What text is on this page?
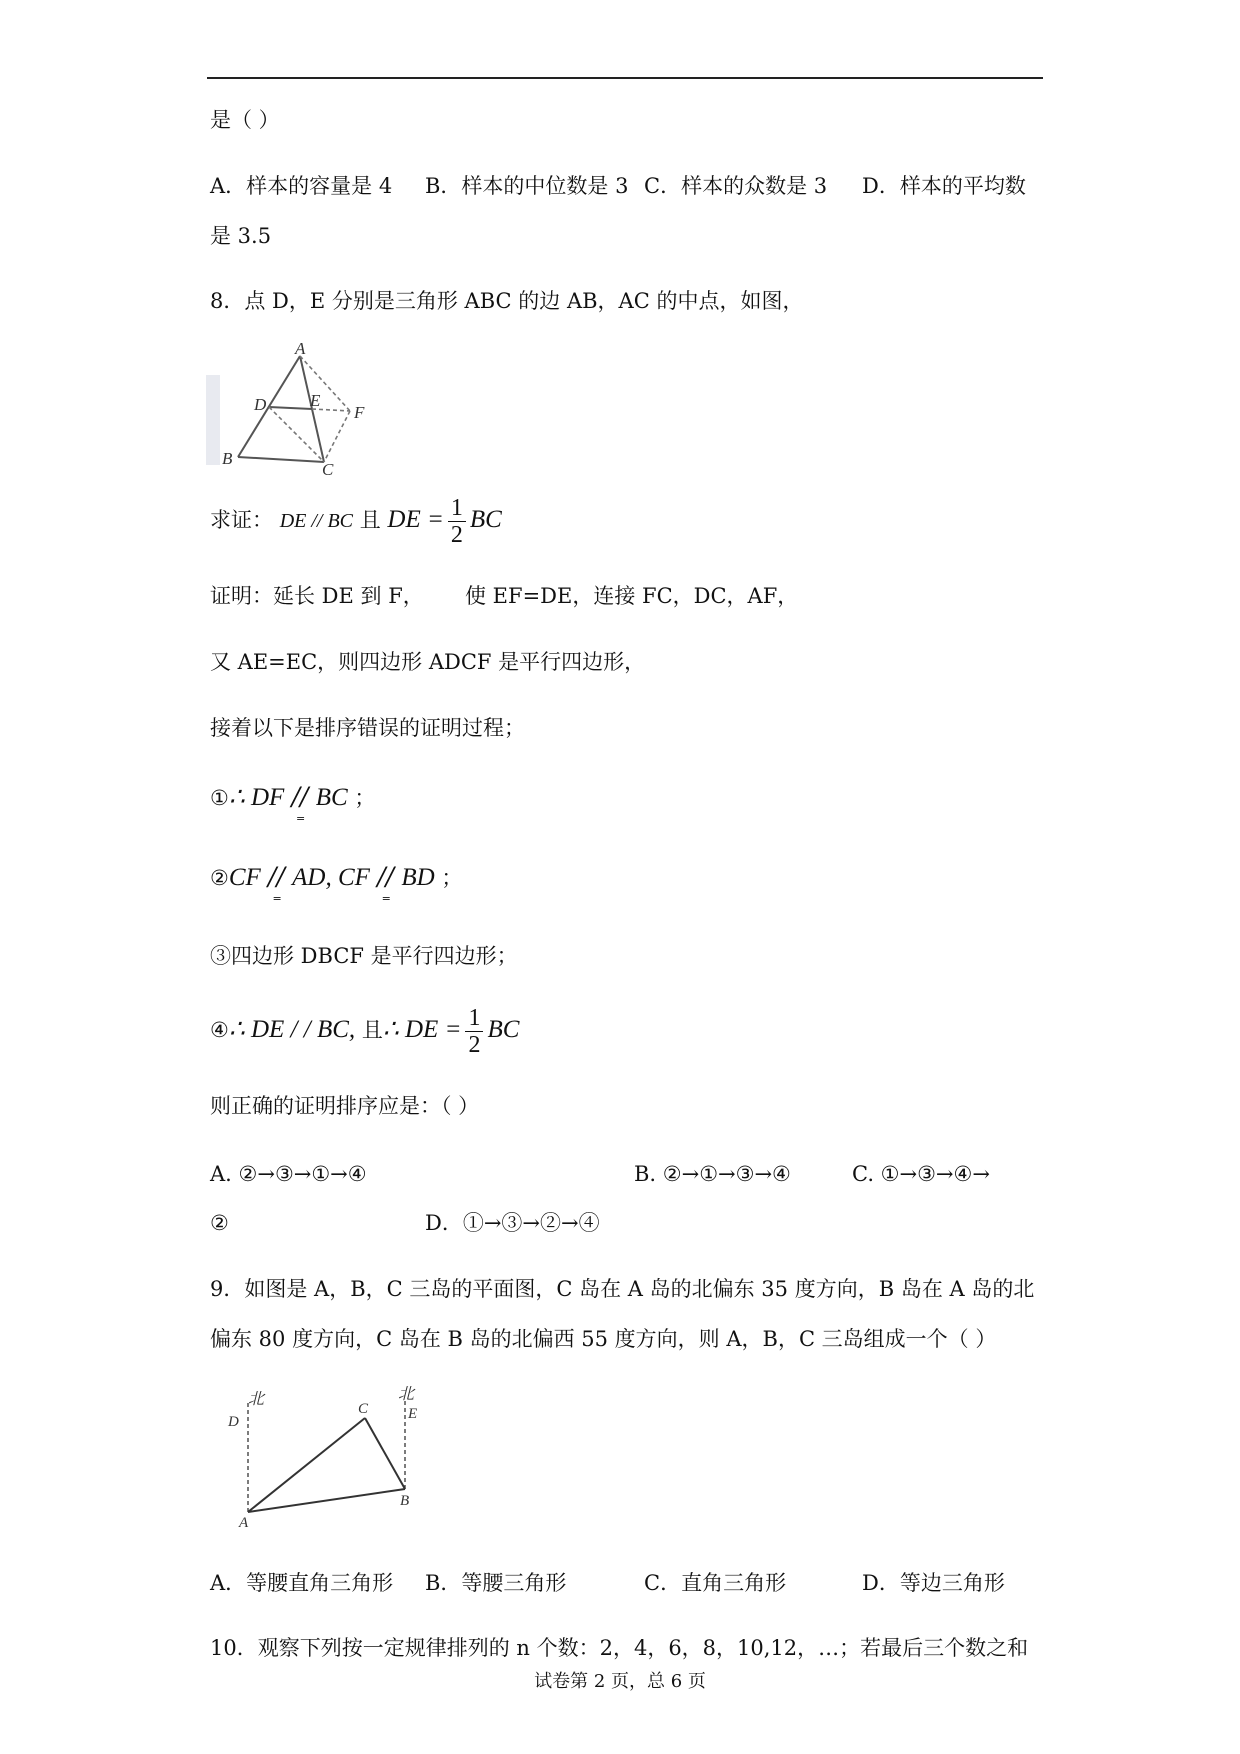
是（ ）
A．样本的容量是 4 B．样本的中位数是 3 C．样本的众数是 3 D．样本的平均数
是 3.5
8．点 D，E 分别是三角形 ABC 的边 AB，AC 的中点，如图，
A
D	E
F
B
C
求证： DE // BC 且 DE = $\frac{1}{2}$ BC
证明：延长 DE 到 F， 使 EF=DE，连接 FC，DC，AF，
又 AE=EC，则四边形 ADCF 是平行四边形，
接着以下是排序错误的证明过程；
①∴ DF //
=
BC ；
②CF //
=
AD, CF //
=
BD ；
③四边形 DBCF 是平行四边形；
④∴ DE / / BC, 且∴ DE = $\frac{1}{2}$ BC
则正确的证明排序应是：（ ）
A. ②→③→①→④	B. ②→①→③→④	C. ①→③→④→
②	D．①→③→②→④
9．如图是 A，B，C 三岛的平面图，C 岛在 A 岛的北偏东 35 度方向，B 岛在 A 岛的北
偏东 80 度方向，C 岛在 B 岛的北偏西 55 度方向，则 A，B，C 三岛组成一个（ ）
北
D
C
北
E
B
A
A．等腰直角三角形 B．等腰三角形	C．直角三角形	D．等边三角形
10．观察下列按一定规律排列的 n 个数：2，4，6，8，10,12，…；若最后三个数之和
试卷第 2 页，总 6 页
